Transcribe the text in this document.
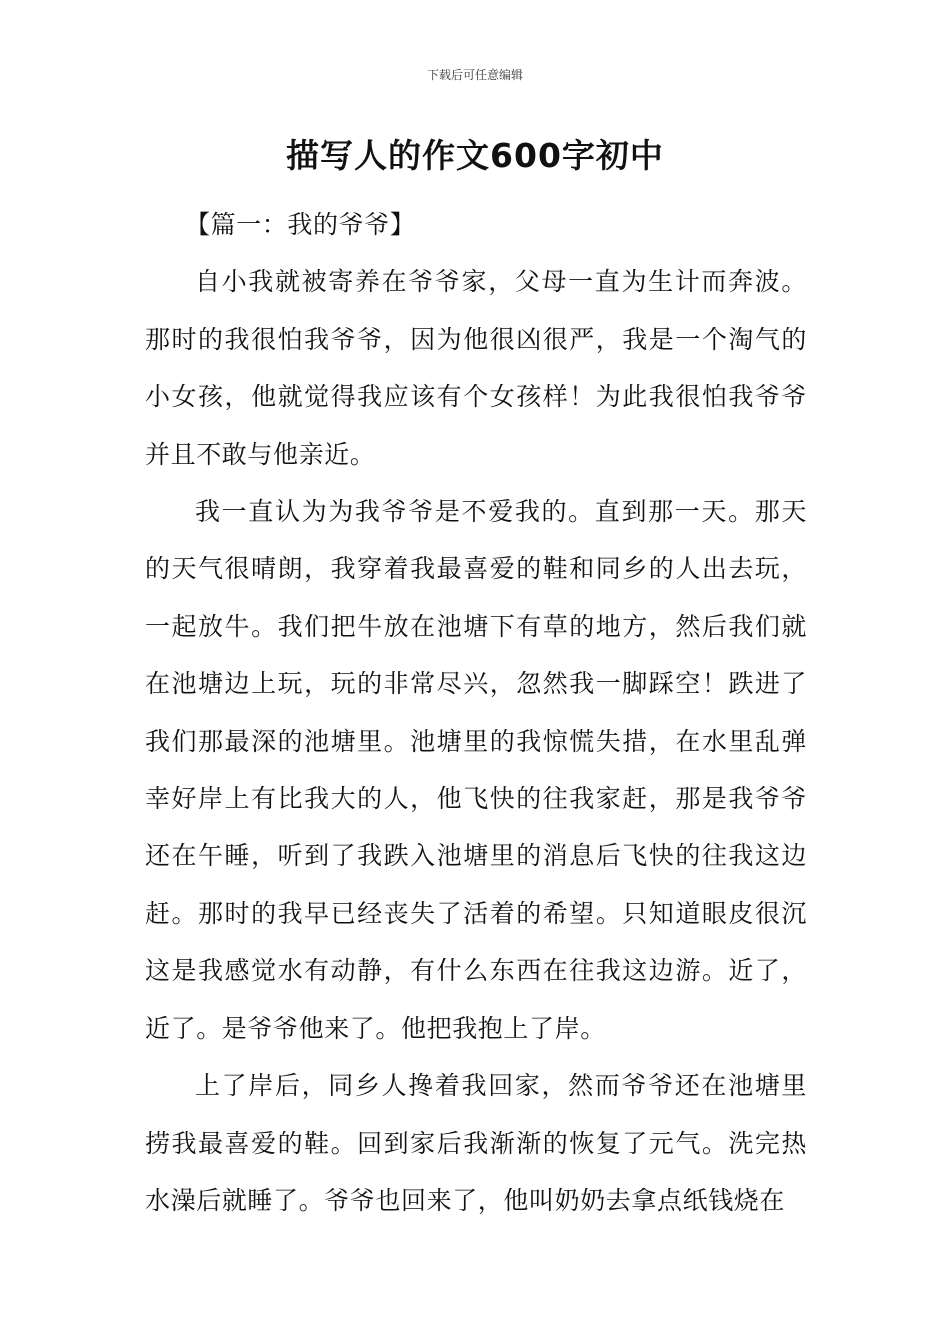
下载后可任意编辑
描写人的作文600字初中

【篇一：我的爷爷】

自小我就被寄养在爷爷家，父母一直为生计而奔波。那时的我很怕我爷爷，因为他很凶很严，我是一个淘气的小女孩，他就觉得我应该有个女孩样！为此我很怕我爷爷并且不敢与他亲近。

我一直认为为我爷爷是不爱我的。直到那一天。那天的天气很晴朗，我穿着我最喜爱的鞋和同乡的人出去玩，一起放牛。我们把牛放在池塘下有草的地方，然后我们就在池塘边上玩，玩的非常尽兴，忽然我一脚踩空！跌进了我们那最深的池塘里。池塘里的我惊慌失措，在水里乱弹幸好岸上有比我大的人，他飞快的往我家赶，那是我爷爷还在午睡，听到了我跌入池塘里的消息后飞快的往我这边赶。那时的我早已经丧失了活着的希望。只知道眼皮很沉这是我感觉水有动静，有什么东西在往我这边游。近了，近了。是爷爷他来了。他把我抱上了岸。

上了岸后，同乡人搀着我回家，然而爷爷还在池塘里捞我最喜爱的鞋。回到家后我渐渐的恢复了元气。洗完热水澡后就睡了。爷爷也回来了，他叫奶奶去拿点纸钱烧在
